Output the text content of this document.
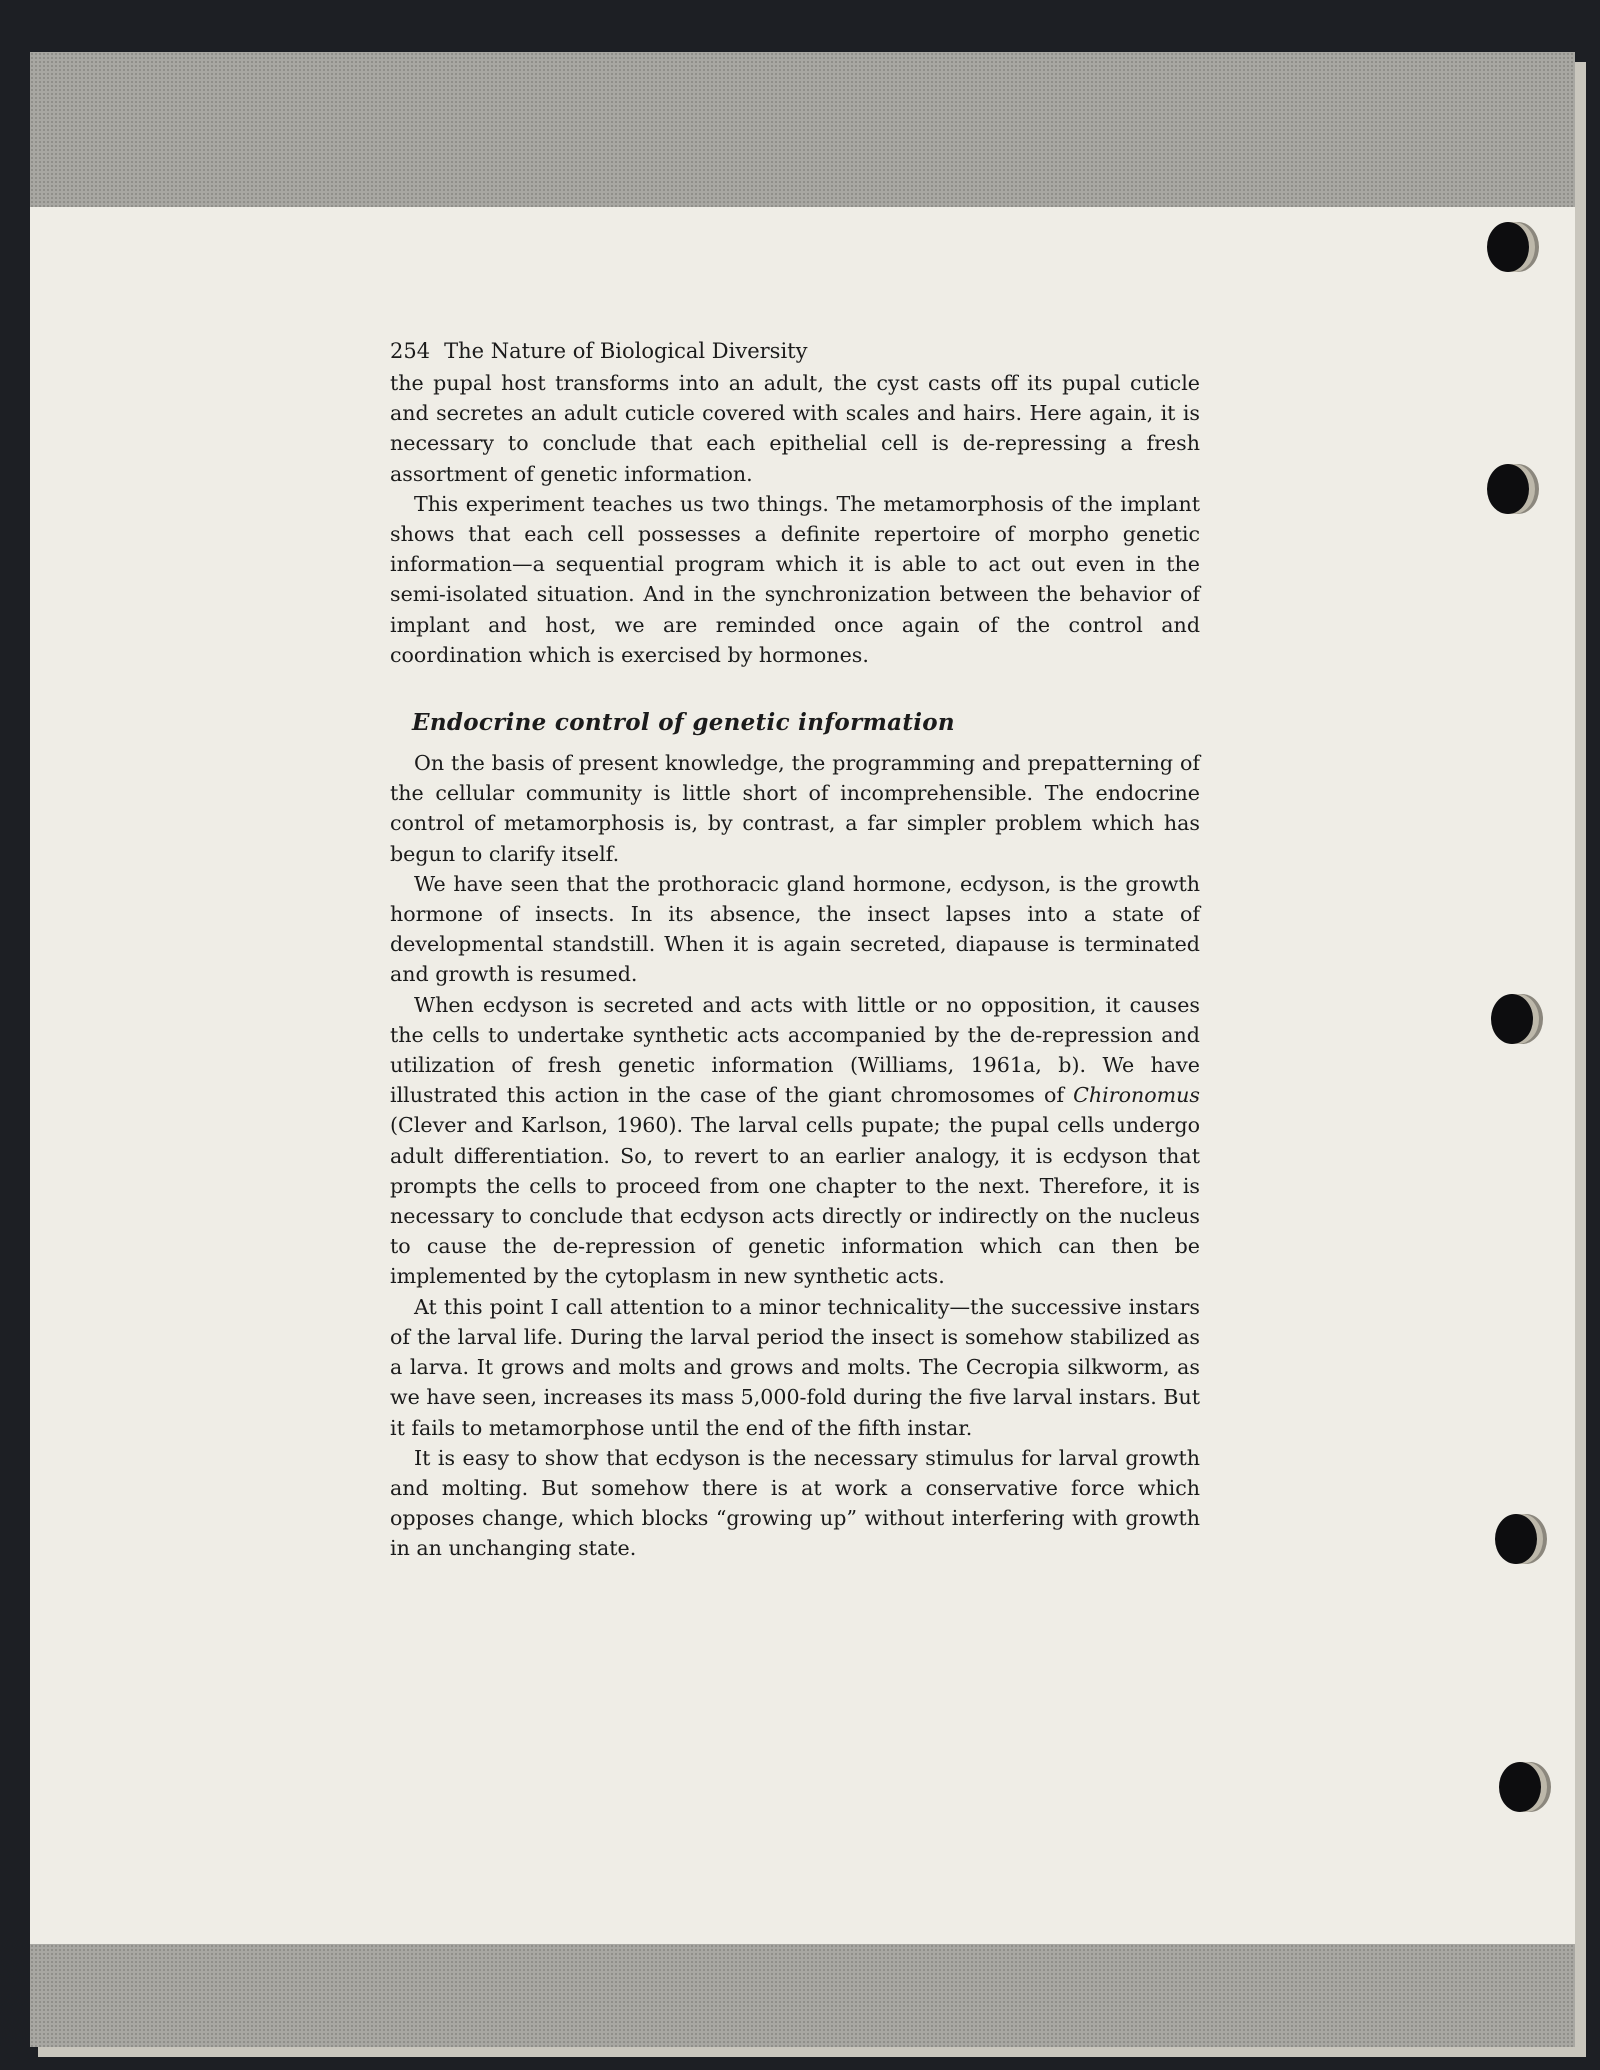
254 The Nature of Biological Diversity

the pupal host transforms into an adult, the cyst casts off its pupal cuticle and secretes an adult cuticle covered with scales and hairs. Here again, it is necessary to conclude that each epithelial cell is de-repressing a fresh assortment of genetic information.

This experiment teaches us two things. The metamorphosis of the implant shows that each cell possesses a definite repertoire of morpho genetic information—a sequential program which it is able to act out even in the semi-isolated situation. And in the synchronization between the behavior of implant and host, we are reminded once again of the control and coordination which is exercised by hormones.

Endocrine control of genetic information

On the basis of present knowledge, the programming and prepatterning of the cellular community is little short of incomprehensible. The endocrine control of metamorphosis is, by contrast, a far simpler problem which has begun to clarify itself.

We have seen that the prothoracic gland hormone, ecdyson, is the growth hormone of insects. In its absence, the insect lapses into a state of developmental standstill. When it is again secreted, diapause is terminated and growth is resumed.

When ecdyson is secreted and acts with little or no opposition, it causes the cells to undertake synthetic acts accompanied by the de-repression and utilization of fresh genetic information (Williams, 1961a, b). We have illustrated this action in the case of the giant chromosomes of Chironomus (Clever and Karlson, 1960). The larval cells pupate; the pupal cells undergo adult differentiation. So, to revert to an earlier analogy, it is ecdyson that prompts the cells to proceed from one chapter to the next. Therefore, it is necessary to conclude that ecdyson acts directly or indirectly on the nucleus to cause the de-repression of genetic information which can then be implemented by the cytoplasm in new synthetic acts.

At this point I call attention to a minor technicality—the successive instars of the larval life. During the larval period the insect is somehow stabilized as a larva. It grows and molts and grows and molts. The Cecropia silkworm, as we have seen, increases its mass 5,000-fold during the five larval instars. But it fails to metamorphose until the end of the fifth instar.

It is easy to show that ecdyson is the necessary stimulus for larval growth and molting. But somehow there is at work a conservative force which opposes change, which blocks “growing up” without interfering with growth in an unchanging state.
